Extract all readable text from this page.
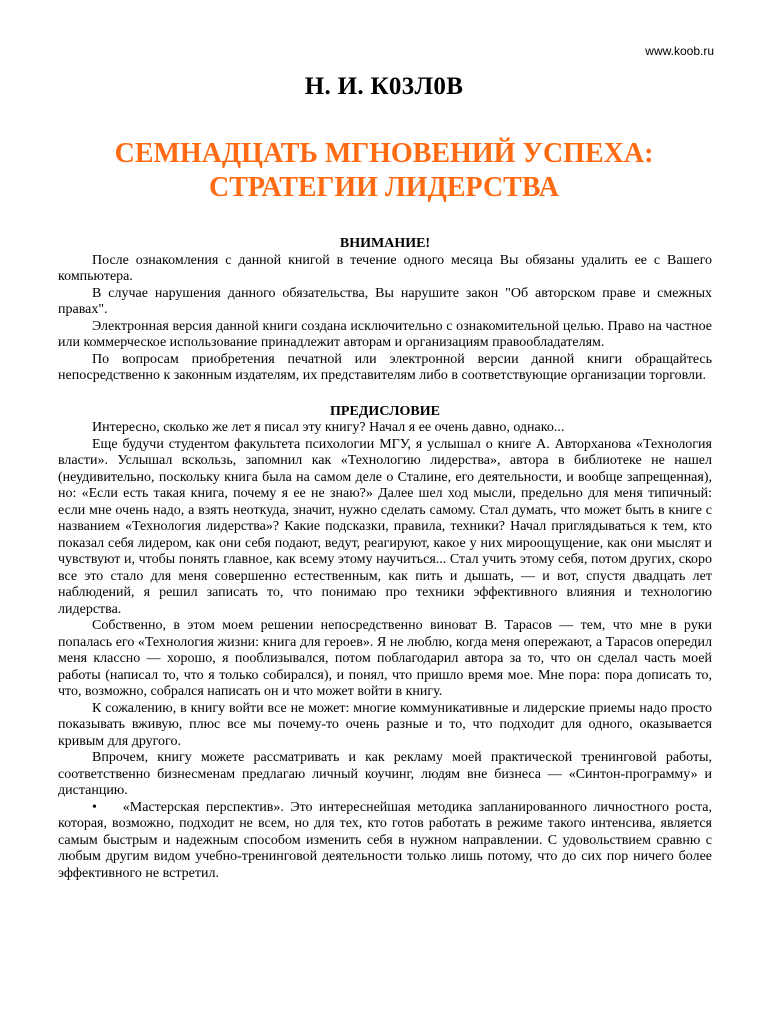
www.koob.ru
Н. И. К03Л0В
СЕМНАДЦАТЬ МГНОВЕНИЙ УСПЕХА:
СТРАТЕГИИ ЛИДЕРСТВА
ВНИМАНИЕ!

После ознакомления с данной книгой в течение одного месяца Вы обязаны удалить ее с Вашего компьютера.

В случае нарушения данного обязательства, Вы нарушите закон "Об авторском праве и смежных правах".

Электронная версия данной книги создана исключительно с ознакомительной целью. Право на частное или коммерческое использование принадлежит авторам и организациям правообладателям.

По вопросам приобретения печатной или электронной версии данной книги обращайтесь непосредственно к законным издателям, их представителям либо в соответствующие организации торговли.

ПРЕДИСЛОВИЕ

Интересно, сколько же лет я писал эту книгу? Начал я ее очень давно, однако...

Еще будучи студентом факультета психологии МГУ, я услышал о книге А. Авторханова «Технология власти». Услышал вскользь, запомнил как «Технологию лидерства», автора в библиотеке не нашел (неудивительно, поскольку книга была на самом деле о Сталине, его деятельности, и вообще запрещенная), но: «Если есть такая книга, почему я ее не знаю?» Далее шел ход мысли, предельно для меня типичный: если мне очень надо, а взять неоткуда, значит, нужно сделать самому. Стал думать, что может быть в книге с названием «Технология лидерства»? Какие подсказки, правила, техники? Начал приглядываться к тем, кто показал себя лидером, как они себя подают, ведут, реагируют, какое у них мироощущение, как они мыслят и чувствуют и, чтобы понять главное, как всему этому научиться... Стал учить этому себя, потом других, скоро все это стало для меня совершенно естественным, как пить и дышать, — и вот, спустя двадцать лет наблюдений, я решил записать то, что понимаю про техники эффективного влияния и технологию лидерства.

Собственно, в этом моем решении непосредственно виноват В. Тарасов — тем, что мне в руки попалась его «Технология жизни: книга для героев». Я не люблю, когда меня опережают, а Тарасов опередил меня классно — хорошо, я пооблизывался, потом поблагодарил автора за то, что он сделал часть моей работы (написал то, что я только собирался), и понял, что пришло время мое. Мне пора: пора дописать то, что, возможно, собрался написать он и что может войти в книгу.

К сожалению, в книгу войти все не может: многие коммуникативные и лидерские приемы надо просто показывать вживую, плюс все мы почему-то очень разные и то, что подходит для одного, оказывается кривым для другого.

Впрочем, книгу можете рассматривать и как рекламу моей практической тренинговой работы, соответственно бизнесменам предлагаю личный коучинг, людям вне бизнеса — «Синтон-программу» и дистанцию.

• «Мастерская перспектив». Это интереснейшая методика запланированного личностного роста, которая, возможно, подходит не всем, но для тех, кто готов работать в режиме такого интенсива, является самым быстрым и надежным способом изменить себя в нужном направлении. С удовольствием сравню с любым другим видом учебно-тренинговой деятельности только лишь потому, что до сих пор ничего более эффективного не встретил.
